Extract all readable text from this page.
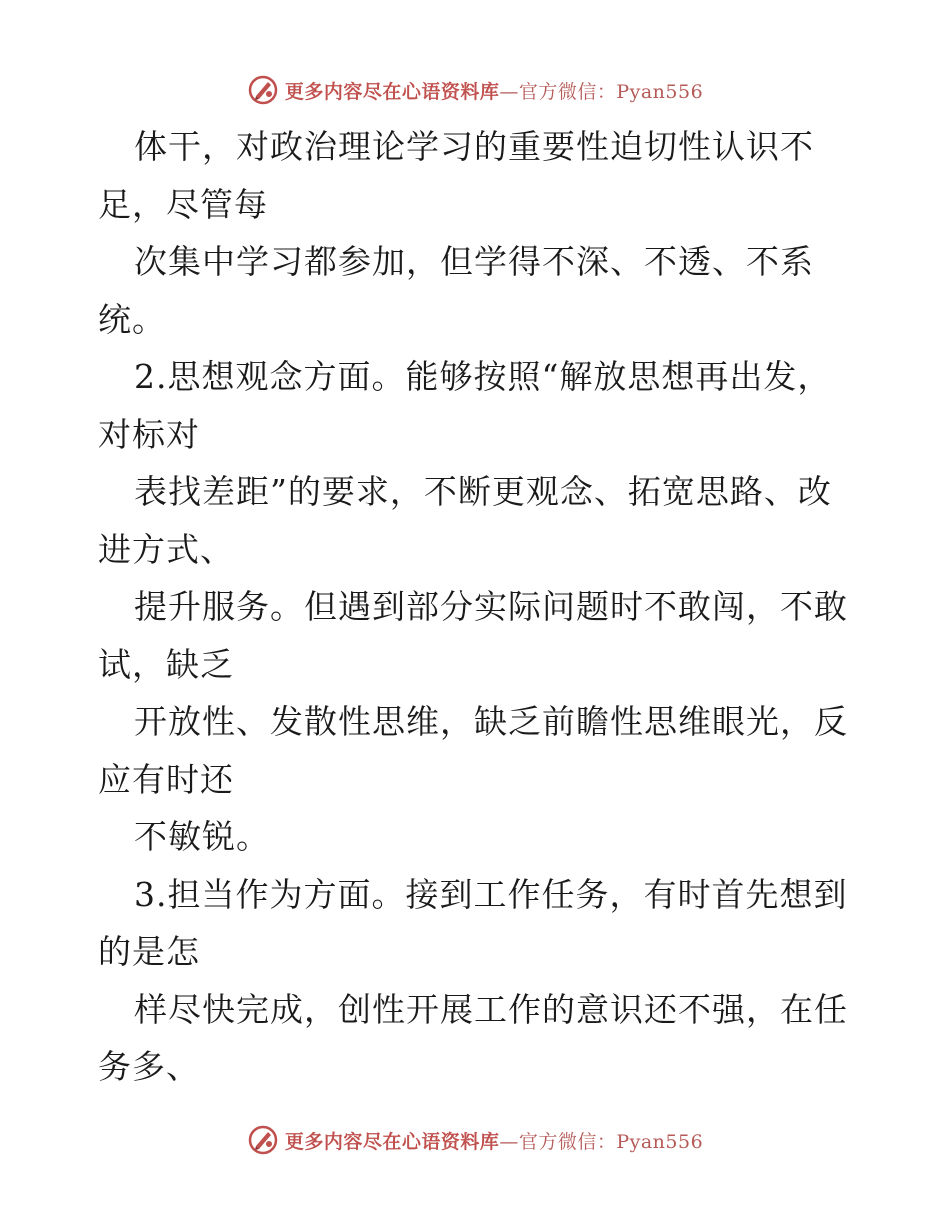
更多内容尽在心语资料库—官方微信：Pyan556
体干，对政治理论学习的重要性迫切性认识不
足，尽管每
次集中学习都参加，但学得不深、不透、不系
统。
2.思想观念方面。能够按照“解放思想再出发，
对标对
表找差距”的要求，不断更观念、拓宽思路、改
进方式、
提升服务。但遇到部分实际问题时不敢闯，不敢
试，缺乏
开放性、发散性思维，缺乏前瞻性思维眼光，反
应有时还
不敏锐。
3.担当作为方面。接到工作任务，有时首先想到
的是怎
样尽快完成，创性开展工作的意识还不强，在任
务多、
更多内容尽在心语资料库—官方微信：Pyan556
